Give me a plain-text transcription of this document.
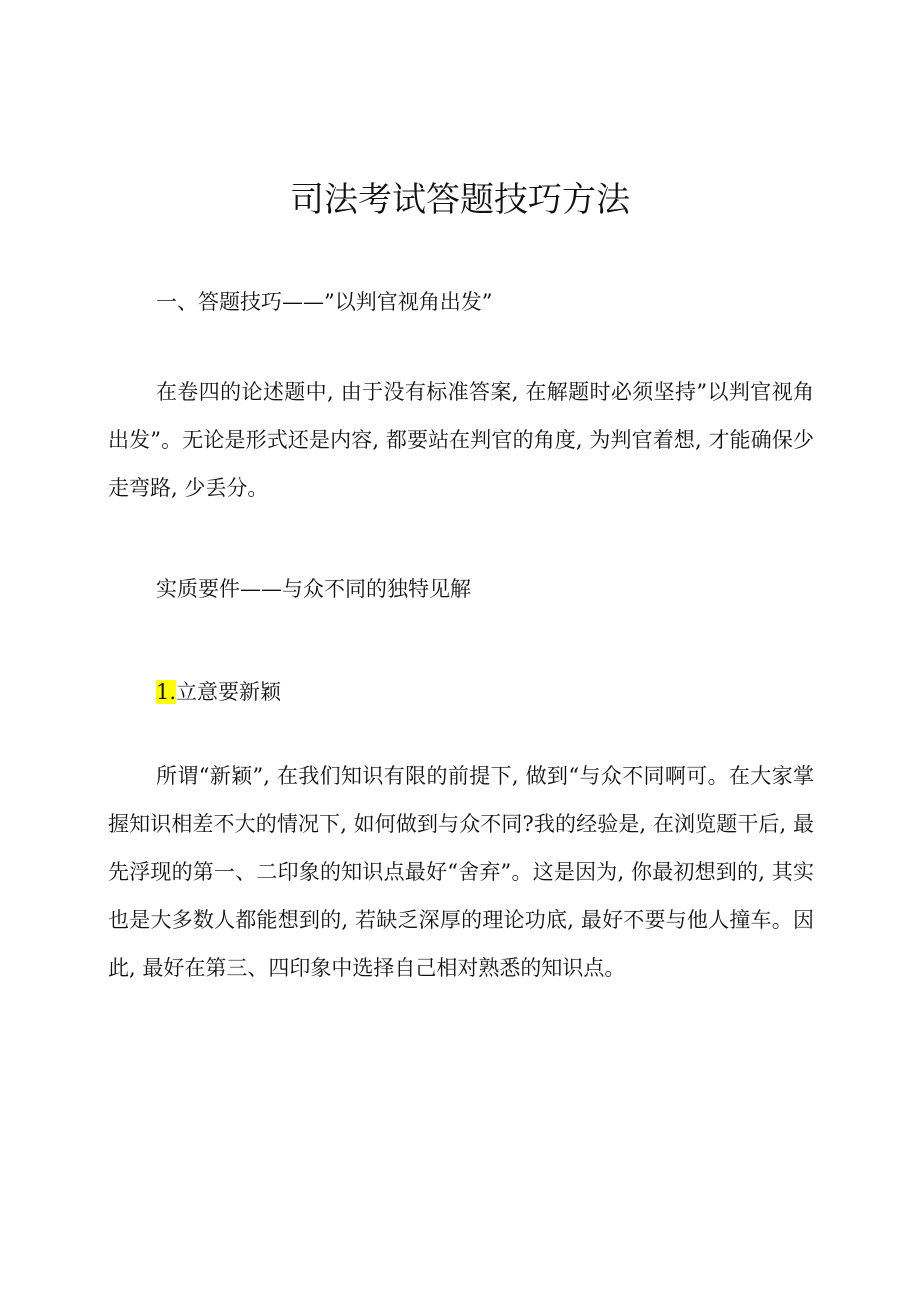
司法考试答题技巧方法

一、答题技巧——”以判官视角出发”

在卷四的论述题中, 由于没有标准答案, 在解题时必须坚持”以判官视角出发”。无论是形式还是内容, 都要站在判官的角度, 为判官着想, 才能确保少走弯路, 少丢分。

实质要件——与众不同的独特见解

1.立意要新颖

所谓“新颖”, 在我们知识有限的前提下, 做到“与众不同啊可。在大家掌握知识相差不大的情况下, 如何做到与众不同?我的经验是, 在浏览题干后, 最先浮现的第一、二印象的知识点最好“舍弃”。这是因为, 你最初想到的, 其实也是大多数人都能想到的, 若缺乏深厚的理论功底, 最好不要与他人撞车。因此, 最好在第三、四印象中选择自己相对熟悉的知识点。
